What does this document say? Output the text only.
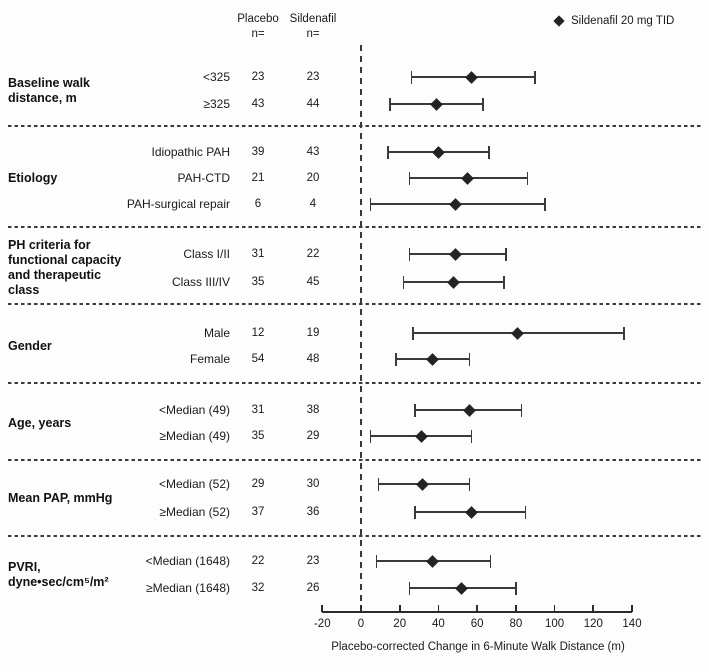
Sildenafil 20 mg TID
Placebo
n=
Sildenafil
n=
Baseline walk
distance, m
<325	23	23
≥325	43	44
Etiology
Idiopathic PAH	39	43
PAH-CTD	21	20
PAH-surgical repair	6	4
PH criteria for
functional capacity
and therapeutic
class
Class I/II	31	22
Class III/IV	35	45
Gender
Male	12	19
Female	54	48
Age, years
<Median (49)	31	38
≥Median (49)	35	29
Mean PAP, mmHg
<Median (52)	29	30
≥Median (52)	37	36
PVRI,
dyne•sec/cm⁵/m²
<Median (1648)	22	23
≥Median (1648)	32	26
Placebo-corrected Change in 6-Minute Walk Distance (m)
-20	0	20	40	60	80	100	120	140
